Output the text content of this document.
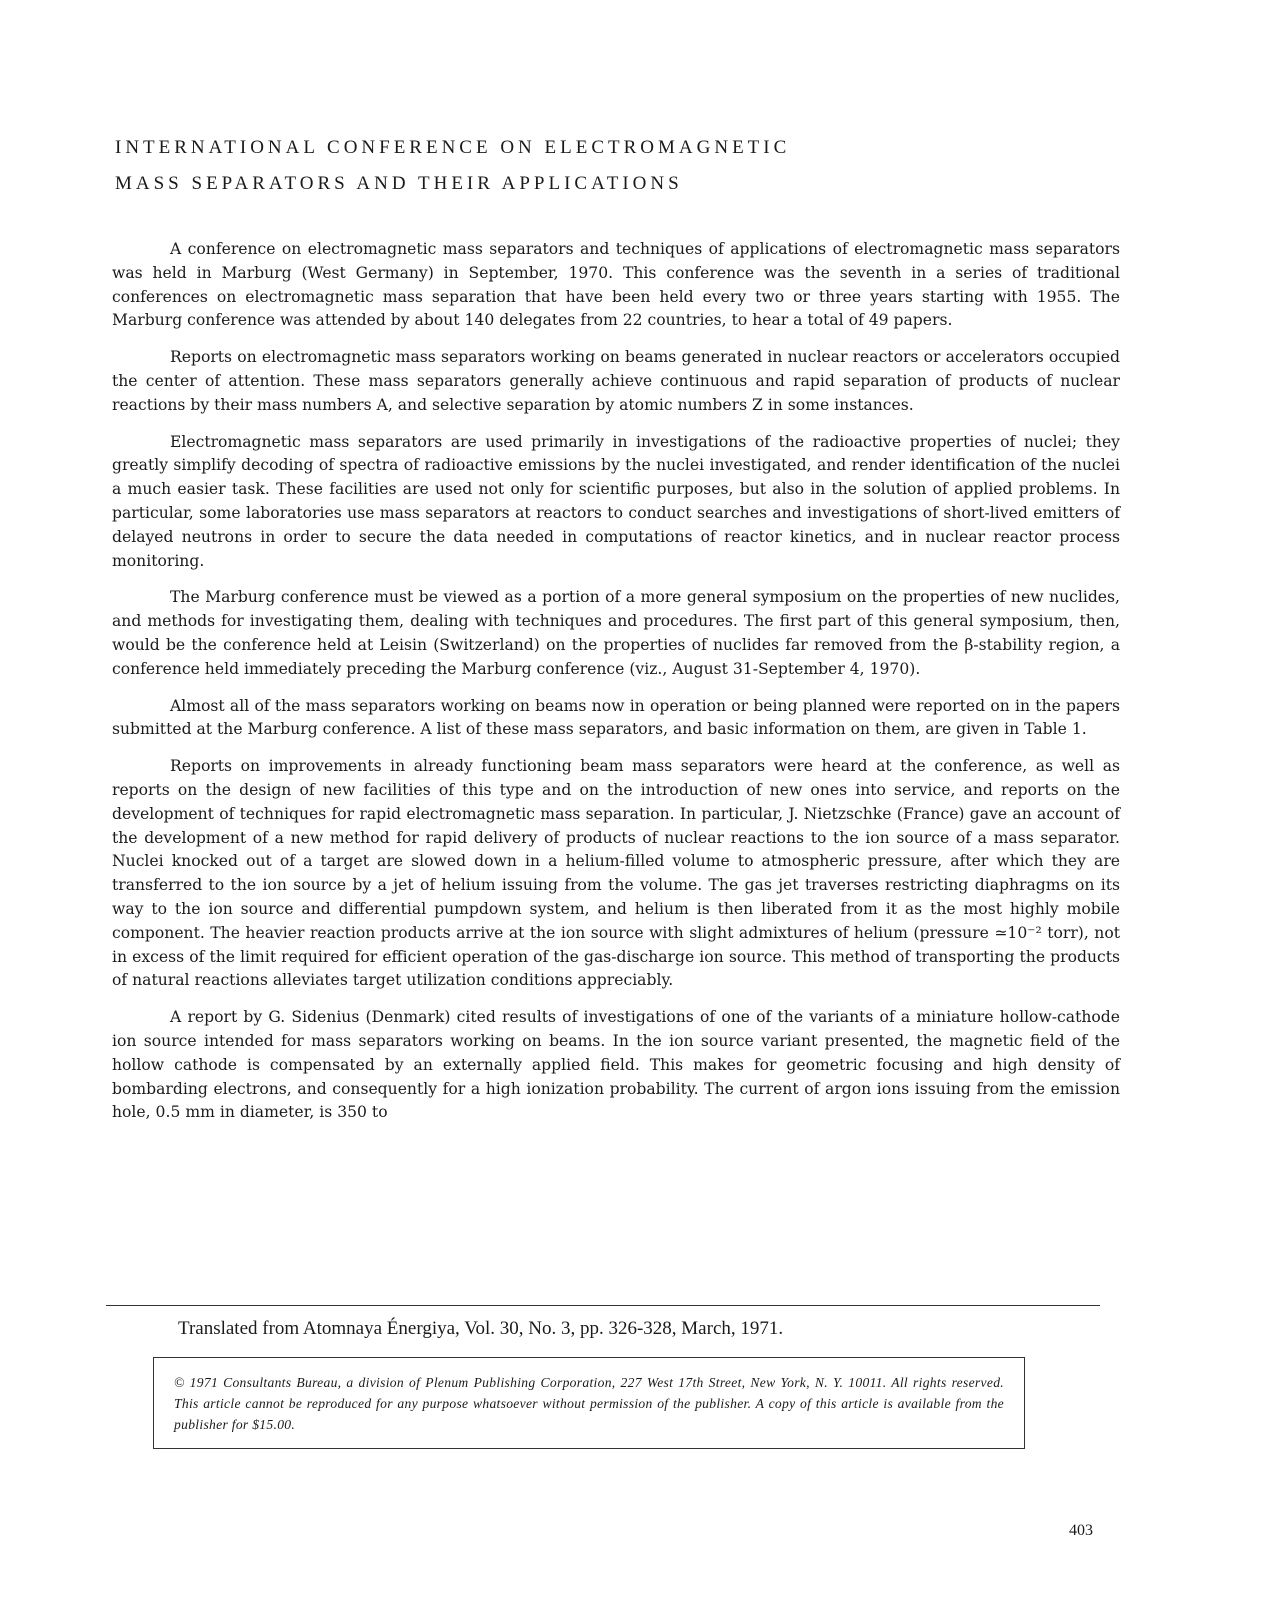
INTERNATIONAL CONFERENCE ON ELECTROMAGNETIC
MASS SEPARATORS AND THEIR APPLICATIONS

A conference on electromagnetic mass separators and techniques of applications of electromagnetic mass separators was held in Marburg (West Germany) in September, 1970. This conference was the seventh in a series of traditional conferences on electromagnetic mass separation that have been held every two or three years starting with 1955. The Marburg conference was attended by about 140 delegates from 22 countries, to hear a total of 49 papers.

Reports on electromagnetic mass separators working on beams generated in nuclear reactors or accelerators occupied the center of attention. These mass separators generally achieve continuous and rapid separation of products of nuclear reactions by their mass numbers A, and selective separation by atomic numbers Z in some instances.

Electromagnetic mass separators are used primarily in investigations of the radioactive properties of nuclei; they greatly simplify decoding of spectra of radioactive emissions by the nuclei investigated, and render identification of the nuclei a much easier task. These facilities are used not only for scientific purposes, but also in the solution of applied problems. In particular, some laboratories use mass separators at reactors to conduct searches and investigations of short-lived emitters of delayed neutrons in order to secure the data needed in computations of reactor kinetics, and in nuclear reactor process monitoring.

The Marburg conference must be viewed as a portion of a more general symposium on the properties of new nuclides, and methods for investigating them, dealing with techniques and procedures. The first part of this general symposium, then, would be the conference held at Leisin (Switzerland) on the properties of nuclides far removed from the β-stability region, a conference held immediately preceding the Marburg conference (viz., August 31-September 4, 1970).

Almost all of the mass separators working on beams now in operation or being planned were reported on in the papers submitted at the Marburg conference. A list of these mass separators, and basic information on them, are given in Table 1.

Reports on improvements in already functioning beam mass separators were heard at the conference, as well as reports on the design of new facilities of this type and on the introduction of new ones into service, and reports on the development of techniques for rapid electromagnetic mass separation. In particular, J. Nietzschke (France) gave an account of the development of a new method for rapid delivery of products of nuclear reactions to the ion source of a mass separator. Nuclei knocked out of a target are slowed down in a helium-filled volume to atmospheric pressure, after which they are transferred to the ion source by a jet of helium issuing from the volume. The gas jet traverses restricting diaphragms on its way to the ion source and differential pumpdown system, and helium is then liberated from it as the most highly mobile component. The heavier reaction products arrive at the ion source with slight admixtures of helium (pressure ≃10⁻² torr), not in excess of the limit required for efficient operation of the gas-discharge ion source. This method of transporting the products of natural reactions alleviates target utilization conditions appreciably.

A report by G. Sidenius (Denmark) cited results of investigations of one of the variants of a miniature hollow-cathode ion source intended for mass separators working on beams. In the ion source variant presented, the magnetic field of the hollow cathode is compensated by an externally applied field. This makes for geometric focusing and high density of bombarding electrons, and consequently for a high ionization probability. The current of argon ions issuing from the emission hole, 0.5 mm in diameter, is 350 to

Translated from Atomnaya Énergiya, Vol. 30, No. 3, pp. 326-328, March, 1971.
© 1971 Consultants Bureau, a division of Plenum Publishing Corporation, 227 West 17th Street, New York, N. Y. 10011. All rights reserved. This article cannot be reproduced for any purpose whatsoever without permission of the publisher. A copy of this article is available from the publisher for $15.00.
403
